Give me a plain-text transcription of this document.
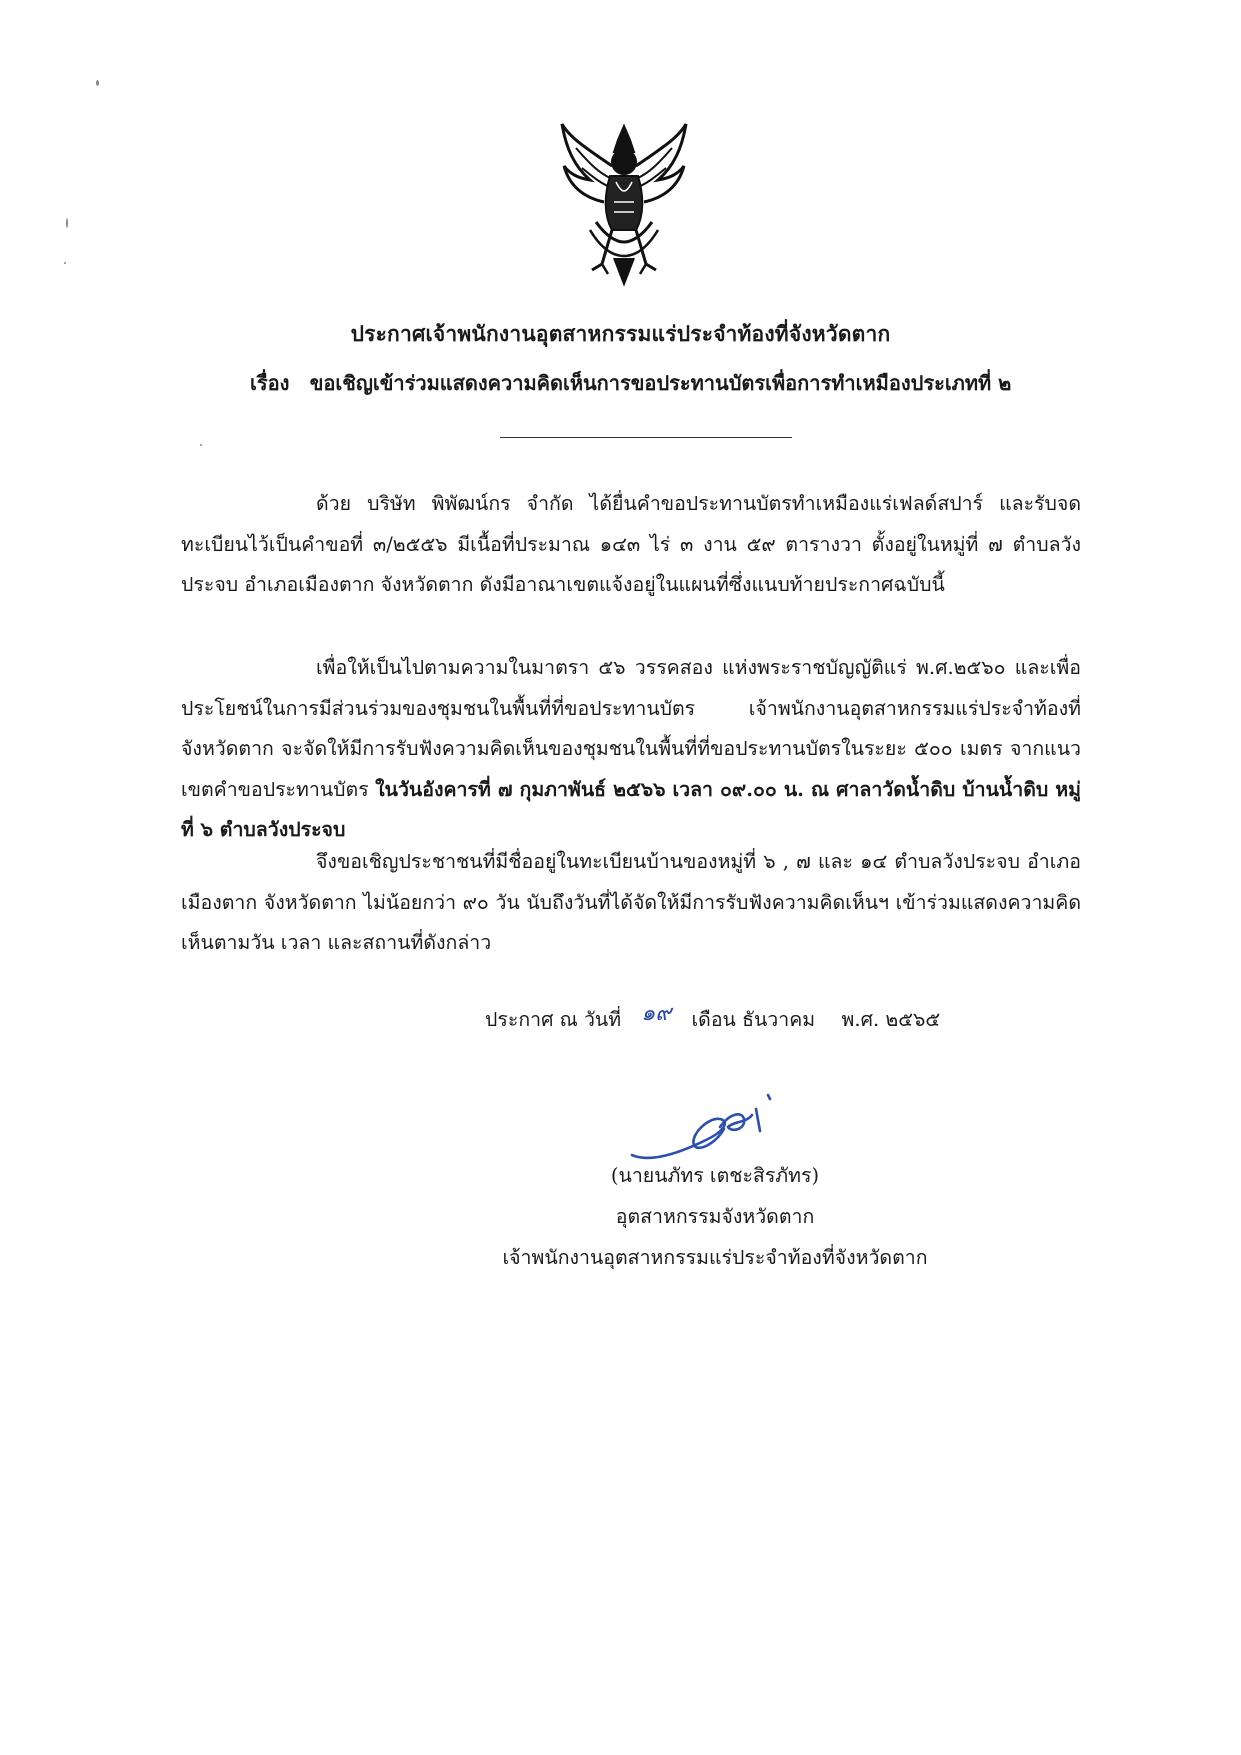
ประกาศเจ้าพนักงานอุตสาหกรรมแร่ประจำท้องที่จังหวัดตาก
เรื่อง ขอเชิญเข้าร่วมแสดงความคิดเห็นการขอประทานบัตรเพื่อการทำเหมืองประเภทที่ ๒
ด้วย บริษัท พิพัฒน์กร จำกัด ได้ยื่นคำขอประทานบัตรทำเหมืองแร่เฟลด์สปาร์ และรับจดทะเบียนไว้เป็นคำขอที่ ๓/๒๕๕๖ มีเนื้อที่ประมาณ ๑๔๓ ไร่ ๓ งาน ๕๙ ตารางวา ตั้งอยู่ในหมู่ที่ ๗ ตำบลวังประจบ อำเภอเมืองตาก จังหวัดตาก ดังมีอาณาเขตแจ้งอยู่ในแผนที่ซึ่งแนบท้ายประกาศฉบับนี้
เพื่อให้เป็นไปตามความในมาตรา ๕๖ วรรคสอง แห่งพระราชบัญญัติแร่ พ.ศ.๒๕๖๐ และเพื่อประโยชน์ในการมีส่วนร่วมของชุมชนในพื้นที่ที่ขอประทานบัตร เจ้าพนักงานอุตสาหกรรมแร่ประจำท้องที่จังหวัดตาก จะจัดให้มีการรับฟังความคิดเห็นของชุมชนในพื้นที่ที่ขอประทานบัตรในระยะ ๕๐๐ เมตร จากแนวเขตคำขอประทานบัตร ในวันอังคารที่ ๗ กุมภาพันธ์ ๒๕๖๖ เวลา ๐๙.๐๐ น. ณ ศาลาวัดน้ำดิบ บ้านน้ำดิบ หมู่ที่ ๖ ตำบลวังประจบ
จึงขอเชิญประชาชนที่มีชื่ออยู่ในทะเบียนบ้านของหมู่ที่ ๖ , ๗ และ ๑๔ ตำบลวังประจบ อำเภอเมืองตาก จังหวัดตาก ไม่น้อยกว่า ๙๐ วัน นับถึงวันที่ได้จัดให้มีการรับฟังความคิดเห็นฯ เข้าร่วมแสดงความคิดเห็นตามวัน เวลา และสถานที่ดังกล่าว
ประกาศ ณ วันที่ ๑๙ เดือน ธันวาคม พ.ศ. ๒๕๖๕
(นายนภัทร เตชะสิรภัทร)
อุตสาหกรรมจังหวัดตาก
เจ้าพนักงานอุตสาหกรรมแร่ประจำท้องที่จังหวัดตาก
